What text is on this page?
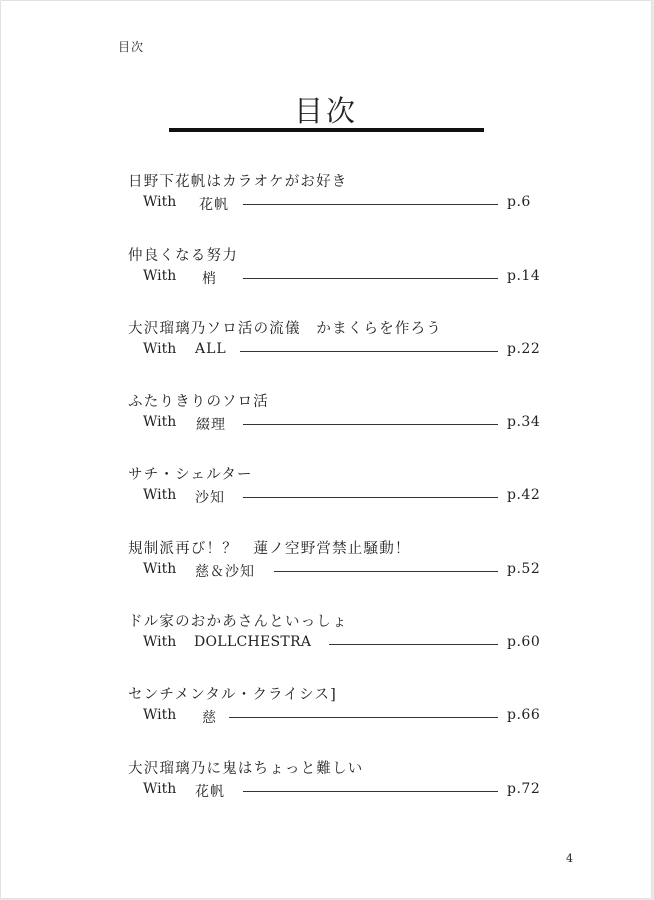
目次
目次
日野下花帆はカラオケがお好き
With 花帆	p.6
仲良くなる努力
With 梢	p.14
大沢瑠璃乃ソロ活の流儀　かまくらを作ろう
With ALL	p.22
ふたりきりのソロ活
With 綴理	p.34
サチ・シェルター
With 沙知	p.42
規制派再び！？　蓮ノ空野営禁止騒動！
With 慈＆沙知	p.52
ドル家のおかあさんといっしょ
With DOLLCHESTRA	p.60
センチメンタル・クライシス]
With 慈	p.66
大沢瑠璃乃に鬼はちょっと難しい
With 花帆	p.72
4
